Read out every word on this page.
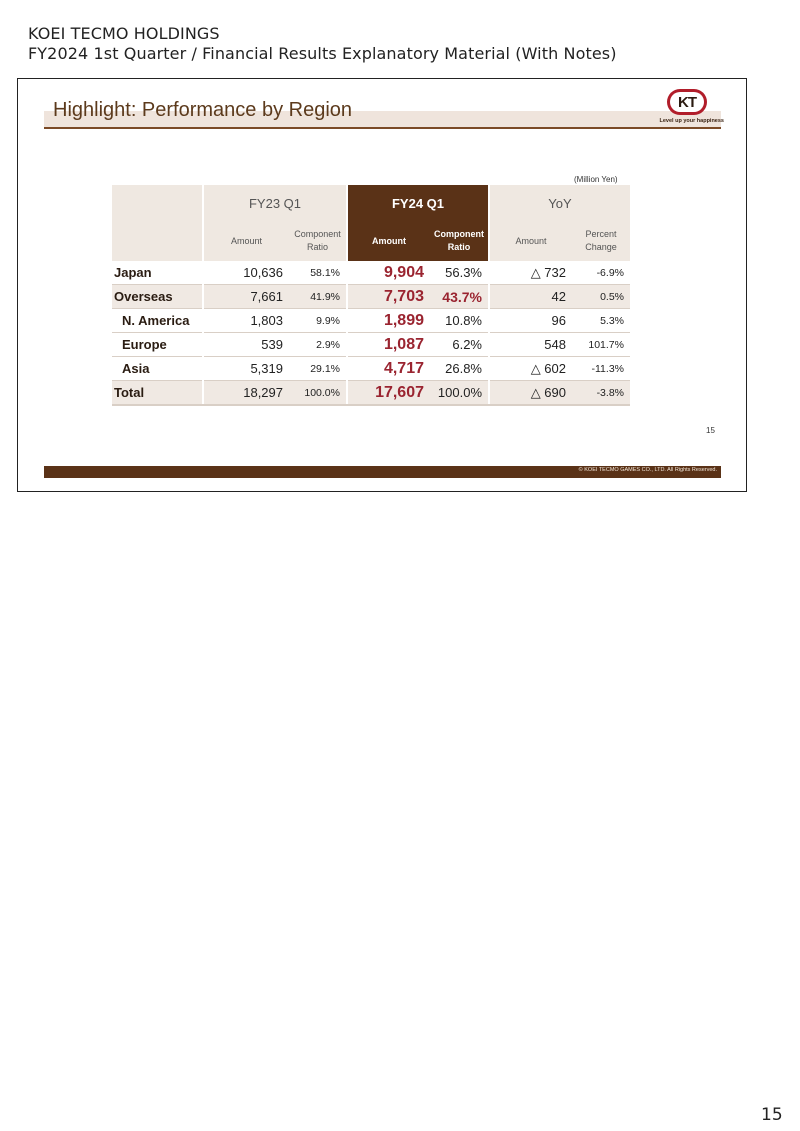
KOEI TECMO HOLDINGS
FY2024 1st Quarter / Financial Results Explanatory Material (With Notes)
Highlight: Performance by Region	KT
Level up your happiness
(Million Yen)
		FY23 Q1			FY24 Q1			YoY	
		Amount	Component Ratio		Amount	Component Ratio		Amount	Percent Change
Japan		10,636	58.1%		9,904	56.3%		△ 732	-6.9%
Overseas		7,661	41.9%		7,703	43.7%		42	0.5%
N. America		1,803	9.9%		1,899	10.8%		96	5.3%
Europe		539	2.9%		1,087	6.2%		548	101.7%
Asia		5,319	29.1%		4,717	26.8%		△ 602	-11.3%
Total		18,297	100.0%		17,607	100.0%		△ 690	-3.8%
15
© KOEI TECMO GAMES CO., LTD. All Rights Reserved.
15
